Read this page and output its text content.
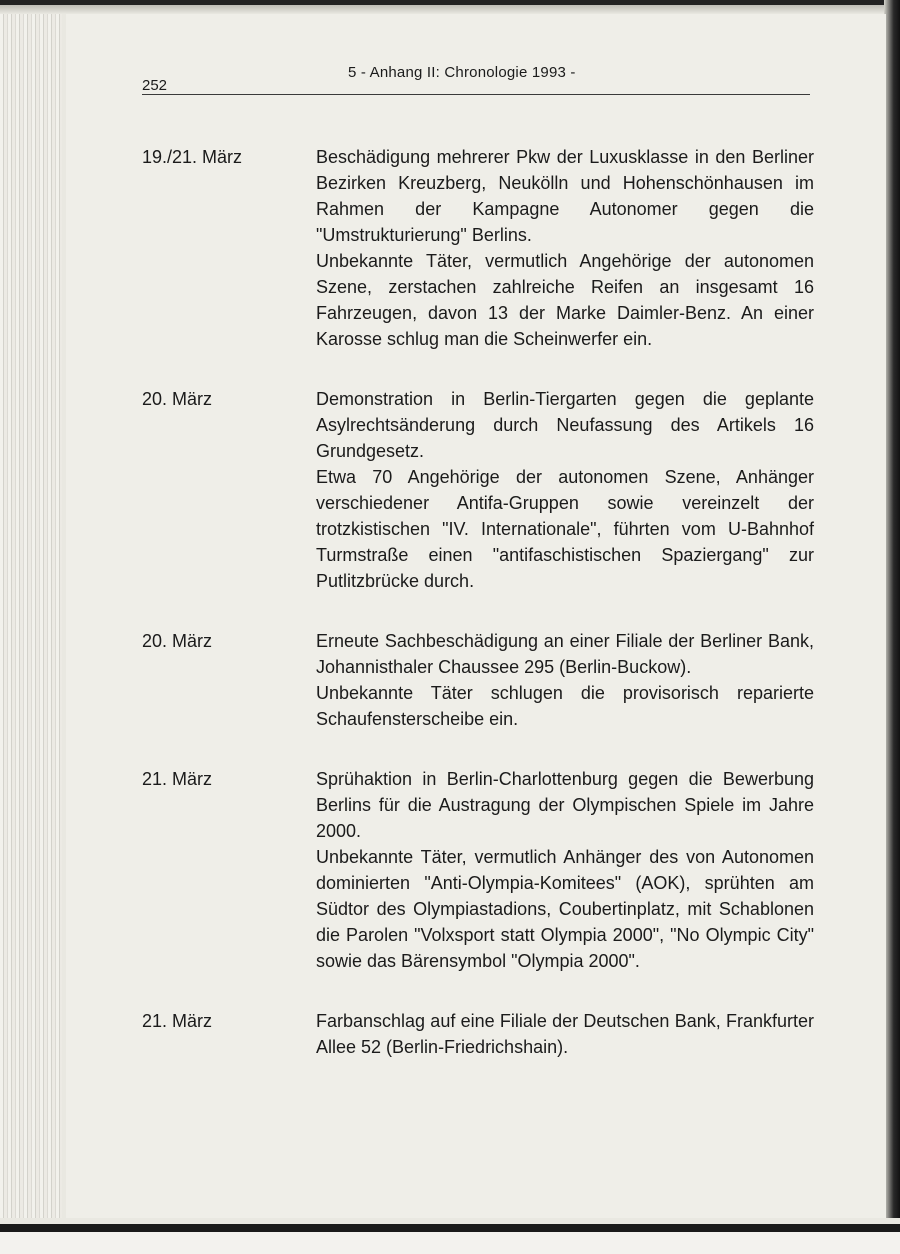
252
5 - Anhang II: Chronologie 1993 -
19./21. März	Beschädigung mehrerer Pkw der Luxusklasse in den Berliner Bezirken Kreuzberg, Neukölln und Hohenschönhausen im Rahmen der Kampagne Autonomer gegen die "Umstrukturierung" Berlins.

Unbekannte Täter, vermutlich Angehörige der autonomen Szene, zerstachen zahlreiche Reifen an insgesamt 16 Fahrzeugen, davon 13 der Marke Daimler-Benz. An einer Karosse schlug man die Scheinwerfer ein.

20. März	Demonstration in Berlin-Tiergarten gegen die geplante Asylrechtsänderung durch Neufassung des Artikels 16 Grundgesetz.

Etwa 70 Angehörige der autonomen Szene, Anhänger verschiedener Antifa-Gruppen sowie vereinzelt der trotzkistischen "IV. Internationale", führten vom U-Bahnhof Turmstraße einen "antifaschistischen Spaziergang" zur Putlitzbrücke durch.

20. März	Erneute Sachbeschädigung an einer Filiale der Berliner Bank, Johannisthaler Chaussee 295 (Berlin-Buckow).

Unbekannte Täter schlugen die provisorisch reparierte Schaufensterscheibe ein.

21. März	Sprühaktion in Berlin-Charlottenburg gegen die Bewerbung Berlins für die Austragung der Olympischen Spiele im Jahre 2000.

Unbekannte Täter, vermutlich Anhänger des von Autonomen dominierten "Anti-Olympia-Komitees" (AOK), sprühten am Südtor des Olympiastadions, Coubertinplatz, mit Schablonen die Parolen "Volxsport statt Olympia 2000", "No Olympic City" sowie das Bärensymbol "Olympia 2000".

21. März	Farbanschlag auf eine Filiale der Deutschen Bank, Frankfurter Allee 52 (Berlin-Friedrichshain).
